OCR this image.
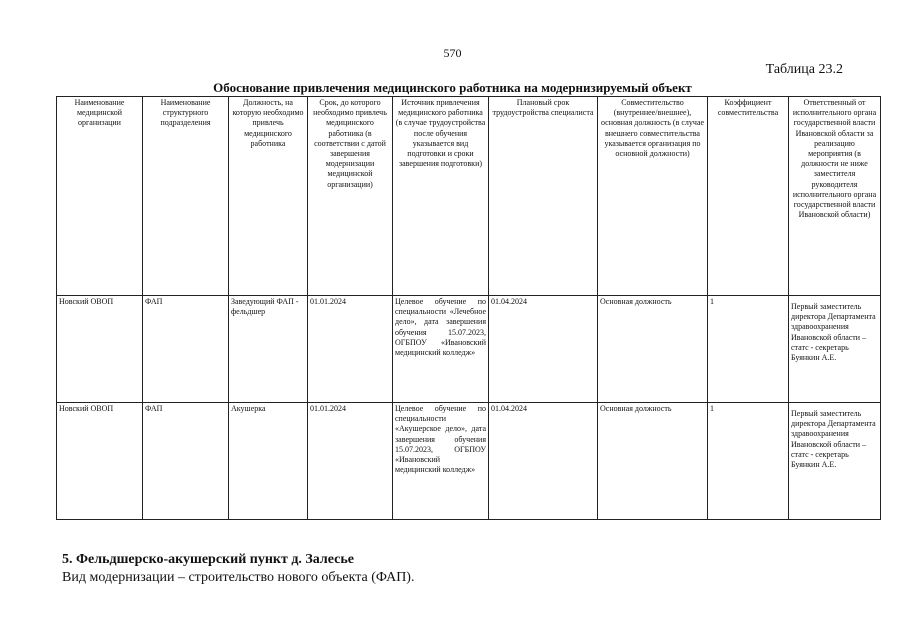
570
Таблица 23.2
Обоснование привлечения медицинского работника на модернизируемый объект
Наименование медицинской организации	Наименование структурного подразделения	Должность, на которую необходимо привлечь медицинского работника	Срок, до которого необходимо привлечь медицинского работника (в соответствии с датой завершения модернизации медицинской организации)	Источник привлечения медицинского работника (в случае трудоустройства после обучения указывается вид подготовки и сроки завершения подготовки)	Плановый срок трудоустройства специалиста	Совместительство (внутреннее/внешнее), основная должность (в случае внешнего совместительства указывается организация по основной должности)	Коэффициент совместительства	Ответственный от исполнительного органа государственной власти Ивановской области за реализацию мероприятия (в должности не ниже заместителя руководителя исполнительного органа государственной власти Ивановской области)
Новский ОВОП	ФАП	Заведующий ФАП - фельдшер	01.01.2024	Целевое обучение по специальности «Лечебное дело», дата завершения обучения 15.07.2023, ОГБПОУ «Ивановский медицинский колледж»	01.04.2024	Основная должность	1	Первый заместитель директора Департамента здравоохранения Ивановской области – статс - секретарь Буянкин А.Е.

Новский ОВОП	ФАП	Акушерка	01.01.2024	Целевое обучение по специальности «Акушерское дело», дата завершения обучения 15.07.2023, ОГБПОУ «Ивановский медицинский колледж»	01.04.2024	Основная должность	1	Первый заместитель директора Департамента здравоохранения Ивановской области – статс - секретарь Буянкин А.Е.
5. Фельдшерско-акушерский пункт д. Залесье
Вид модернизации – строительство нового объекта (ФАП).
